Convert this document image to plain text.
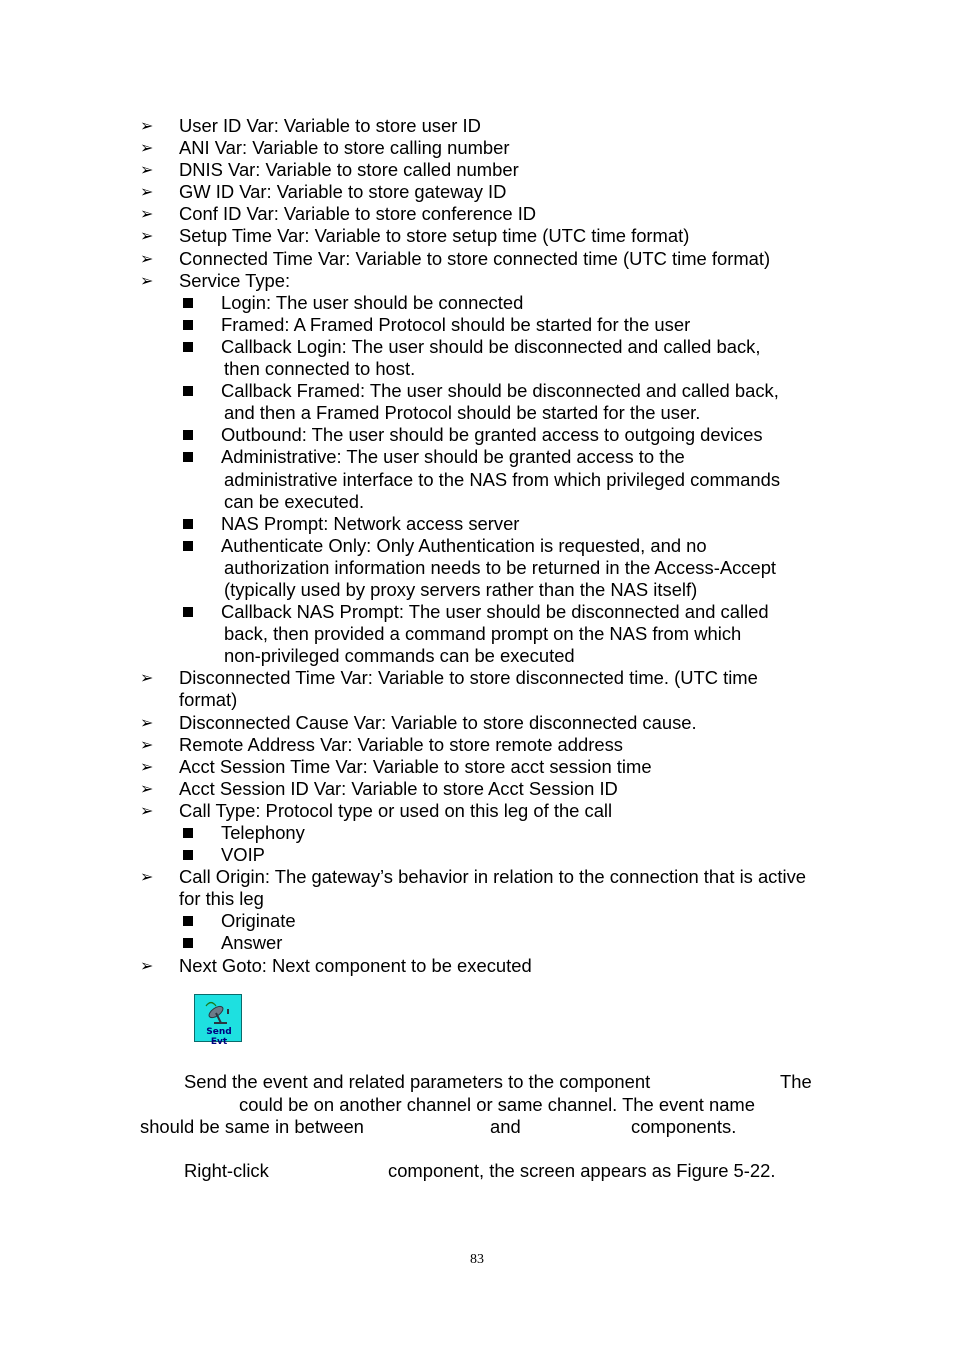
➢	User ID Var: Variable to store user ID
➢	ANI Var: Variable to store calling number
➢	DNIS Var: Variable to store called number
➢	GW ID Var: Variable to store gateway ID
➢	Conf ID Var: Variable to store conference ID
➢	Setup Time Var: Variable to store setup time (UTC time format)
➢	Connected Time Var: Variable to store connected time (UTC time format)
➢	Service Type:
Login: The user should be connected
Framed: A Framed Protocol should be started for the user
Callback Login: The user should be disconnected and called back,
then connected to host.
Callback Framed: The user should be disconnected and called back,
and then a Framed Protocol should be started for the user.
Outbound: The user should be granted access to outgoing devices
Administrative: The user should be granted access to the
administrative interface to the NAS from which privileged commands
can be executed.
NAS Prompt: Network access server
Authenticate Only: Only Authentication is requested, and no
authorization information needs to be returned in the Access-Accept
(typically used by proxy servers rather than the NAS itself)
Callback NAS Prompt: The user should be disconnected and called
back, then provided a command prompt on the NAS from which
non-privileged commands can be executed
➢	Disconnected Time Var: Variable to store disconnected time. (UTC time format)
➢	Disconnected Cause Var: Variable to store disconnected cause.
➢	Remote Address Var: Variable to store remote address
➢	Acct Session Time Var: Variable to store acct session time
➢	Acct Session ID Var: Variable to store Acct Session ID
➢	Call Type: Protocol type or used on this leg of the call
Telephony
VOIP
➢	Call Origin: The gateway’s behavior in relation to the connection that is active for this leg
Originate
Answer
➢	Next Goto: Next component to be executed
Send Evt

Send the event and related parameters to the component	The

could be on another channel or same channel. The event name

should be same in between	and	components.

Right-click	component, the screen appears as Figure 5-22.

83
